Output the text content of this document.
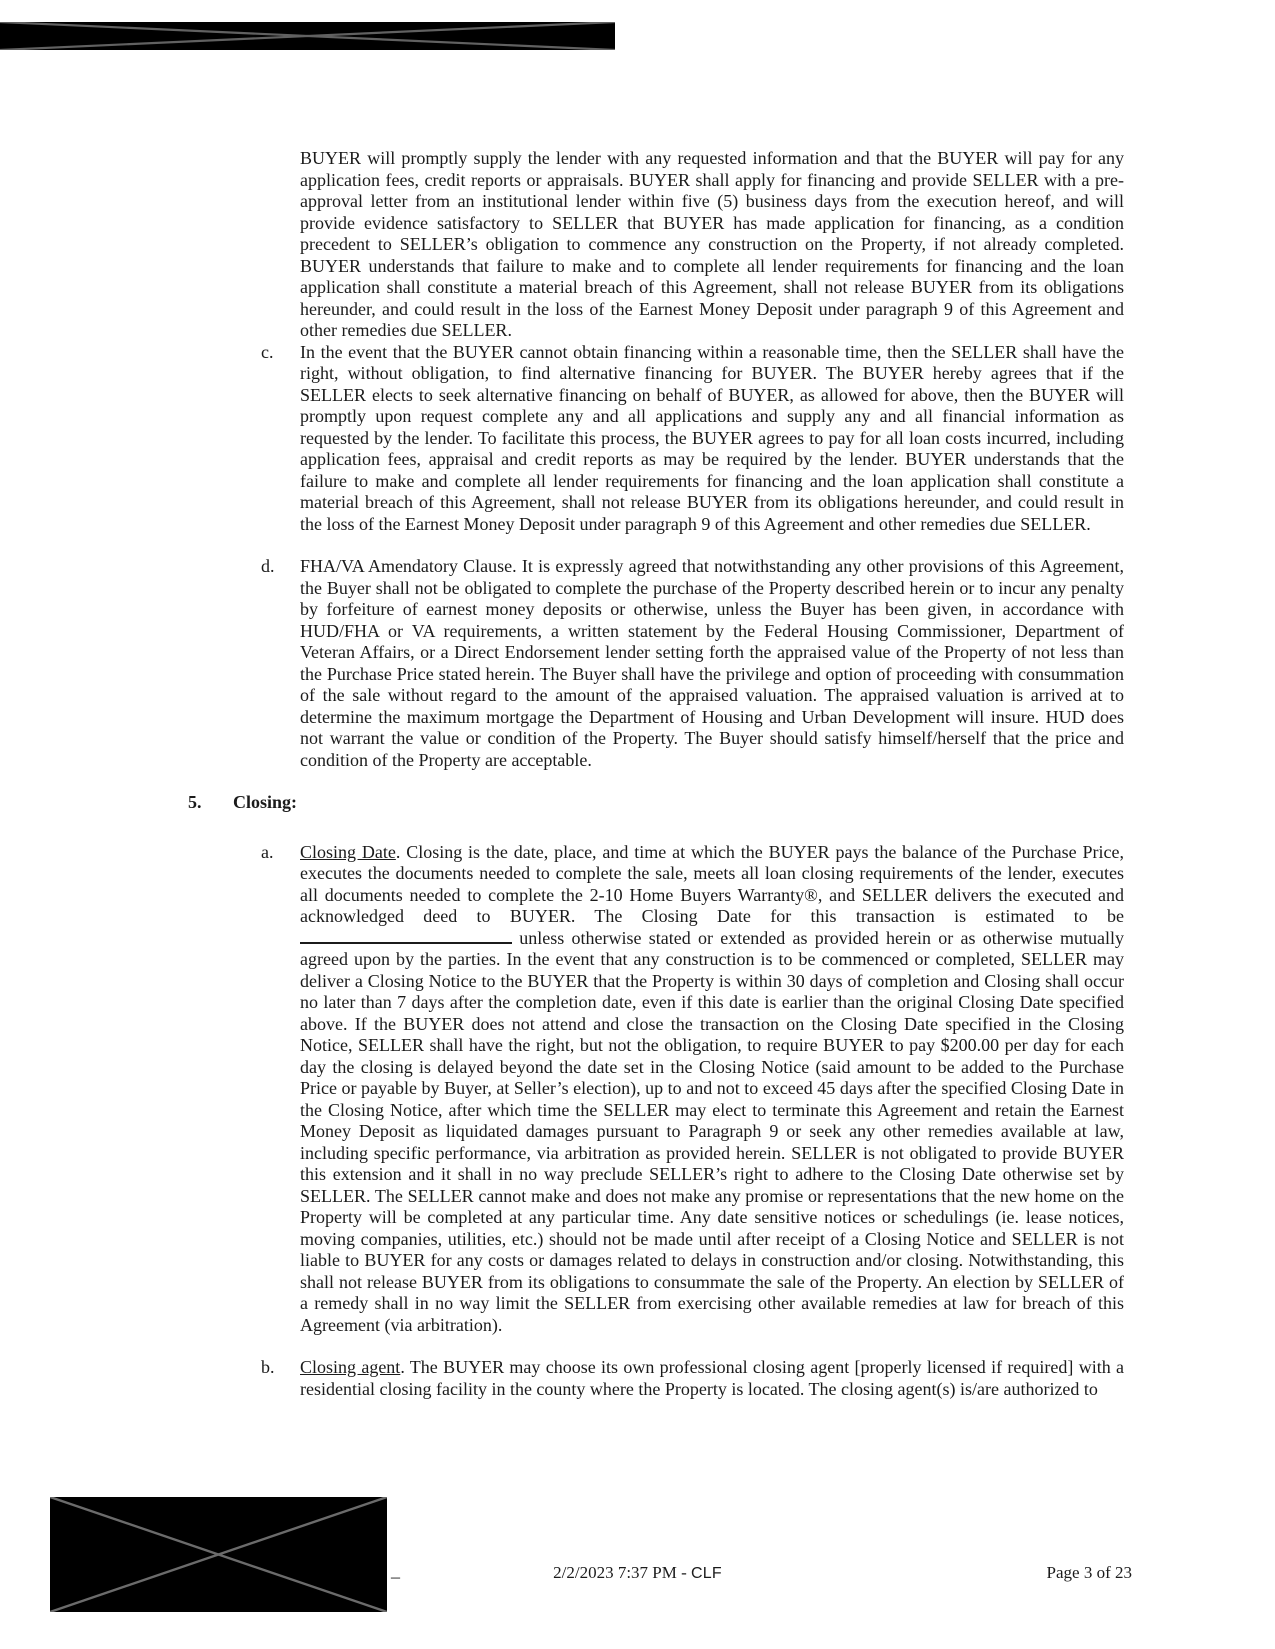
BUYER will promptly supply the lender with any requested information and that the BUYER will pay for any application fees, credit reports or appraisals. BUYER shall apply for financing and provide SELLER with a pre-approval letter from an institutional lender within five (5) business days from the execution hereof, and will provide evidence satisfactory to SELLER that BUYER has made application for financing, as a condition precedent to SELLER’s obligation to commence any construction on the Property, if not already completed. BUYER understands that failure to make and to complete all lender requirements for financing and the loan application shall constitute a material breach of this Agreement, shall not release BUYER from its obligations hereunder, and could result in the loss of the Earnest Money Deposit under paragraph 9 of this Agreement and other remedies due SELLER.

c. In the event that the BUYER cannot obtain financing within a reasonable time, then the SELLER shall have the right, without obligation, to find alternative financing for BUYER. The BUYER hereby agrees that if the SELLER elects to seek alternative financing on behalf of BUYER, as allowed for above, then the BUYER will promptly upon request complete any and all applications and supply any and all financial information as requested by the lender. To facilitate this process, the BUYER agrees to pay for all loan costs incurred, including application fees, appraisal and credit reports as may be required by the lender. BUYER understands that the failure to make and complete all lender requirements for financing and the loan application shall constitute a material breach of this Agreement, shall not release BUYER from its obligations hereunder, and could result in the loss of the Earnest Money Deposit under paragraph 9 of this Agreement and other remedies due SELLER.

d. FHA/VA Amendatory Clause. It is expressly agreed that notwithstanding any other provisions of this Agreement, the Buyer shall not be obligated to complete the purchase of the Property described herein or to incur any penalty by forfeiture of earnest money deposits or otherwise, unless the Buyer has been given, in accordance with HUD/FHA or VA requirements, a written statement by the Federal Housing Commissioner, Department of Veteran Affairs, or a Direct Endorsement lender setting forth the appraised value of the Property of not less than the Purchase Price stated herein. The Buyer shall have the privilege and option of proceeding with consummation of the sale without regard to the amount of the appraised valuation. The appraised valuation is arrived at to determine the maximum mortgage the Department of Housing and Urban Development will insure. HUD does not warrant the value or condition of the Property. The Buyer should satisfy himself/herself that the price and condition of the Property are acceptable.

5. Closing:
a. Closing Date. Closing is the date, place, and time at which the BUYER pays the balance of the Purchase Price, executes the documents needed to complete the sale, meets all loan closing requirements of the lender, executes all documents needed to complete the 2-10 Home Buyers Warranty®, and SELLER delivers the executed and acknowledged deed to BUYER. The Closing Date for this transaction is estimated to be  unless otherwise stated or extended as provided herein or as otherwise mutually agreed upon by the parties. In the event that any construction is to be commenced or completed, SELLER may deliver a Closing Notice to the BUYER that the Property is within 30 days of completion and Closing shall occur no later than 7 days after the completion date, even if this date is earlier than the original Closing Date specified above. If the BUYER does not attend and close the transaction on the Closing Date specified in the Closing Notice, SELLER shall have the right, but not the obligation, to require BUYER to pay $200.00 per day for each day the closing is delayed beyond the date set in the Closing Notice (said amount to be added to the Purchase Price or payable by Buyer, at Seller’s election), up to and not to exceed 45 days after the specified Closing Date in the Closing Notice, after which time the SELLER may elect to terminate this Agreement and retain the Earnest Money Deposit as liquidated damages pursuant to Paragraph 9 or seek any other remedies available at law, including specific performance, via arbitration as provided herein. SELLER is not obligated to provide BUYER this extension and it shall in no way preclude SELLER’s right to adhere to the Closing Date otherwise set by SELLER. The SELLER cannot make and does not make any promise or representations that the new home on the Property will be completed at any particular time. Any date sensitive notices or schedulings (ie. lease notices, moving companies, utilities, etc.) should not be made until after receipt of a Closing Notice and SELLER is not liable to BUYER for any costs or damages related to delays in construction and/or closing. Notwithstanding, this shall not release BUYER from its obligations to consummate the sale of the Property. An election by SELLER of a remedy shall in no way limit the SELLER from exercising other available remedies at law for breach of this Agreement (via arbitration).

b. Closing agent. The BUYER may choose its own professional closing agent [properly licensed if required] with a residential closing facility in the county where the Property is located. The closing agent(s) is/are authorized to

_	2/2/2023 7:37 PM - CLF	Page 3 of 23
